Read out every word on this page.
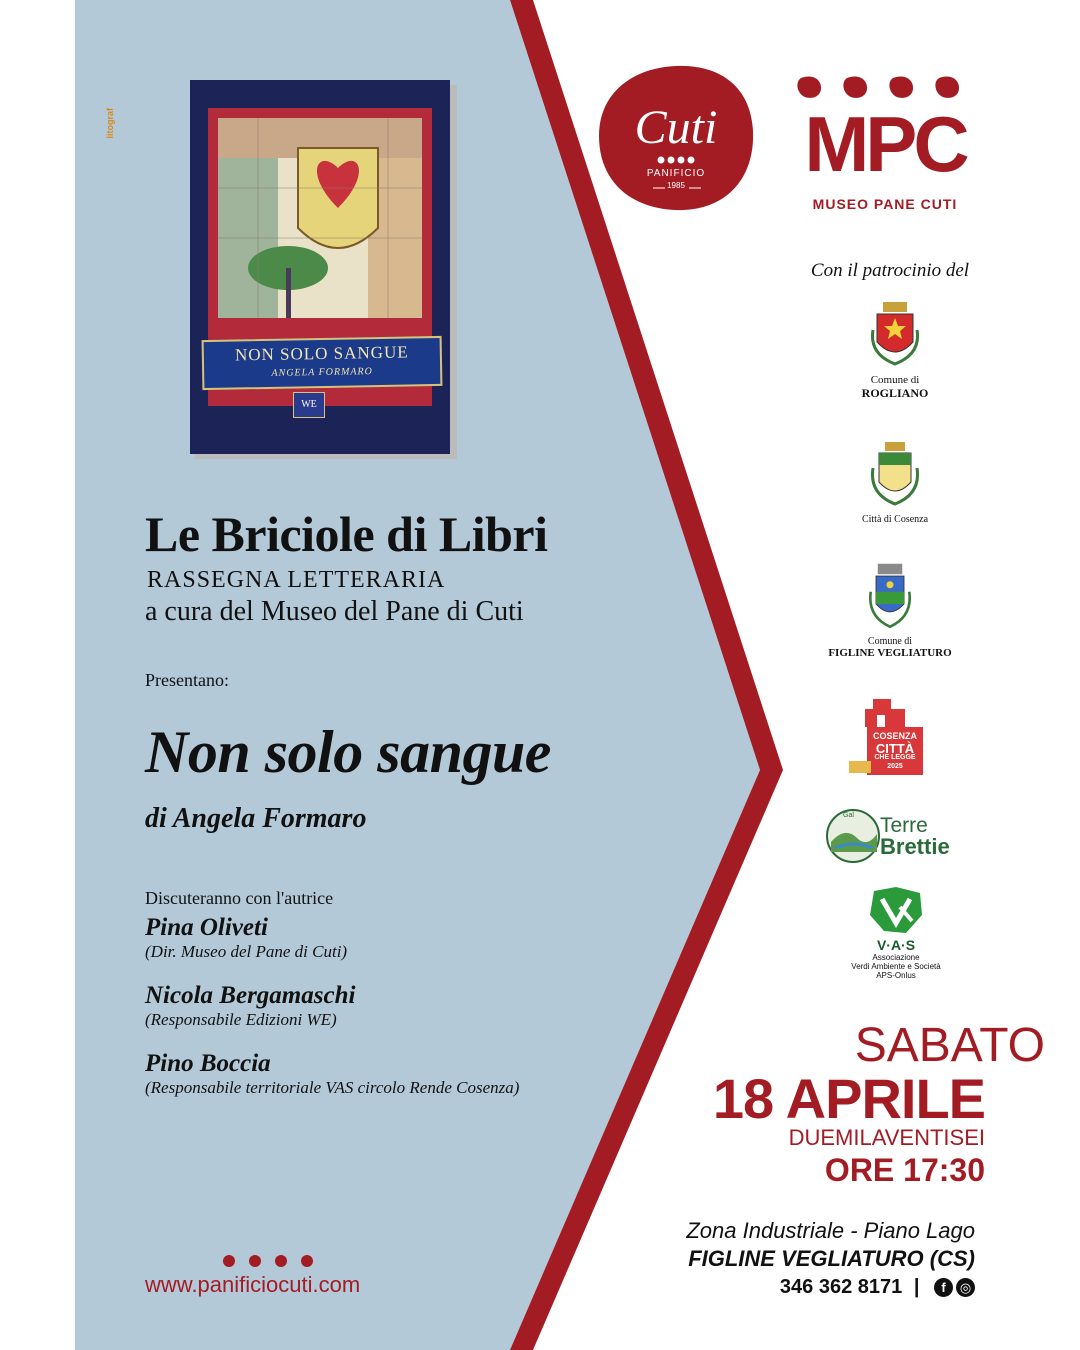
litograf
NON SOLO SANGUE
ANGELA FORMARO
WE
Le Briciole di Libri
RASSEGNA LETTERARIA
a cura del Museo del Pane di Cuti
Presentano:
Non solo sangue
di Angela Formaro
Discuteranno con l'autrice
Pina Oliveti
(Dir. Museo del Pane di Cuti)
Nicola Bergamaschi
(Responsabile Edizioni WE)
Pino Boccia
(Responsabile territoriale VAS circolo Rende Cosenza)
www.panificiocuti.com
Cuti
PANIFICIO
1985	MPC
MUSEO PANE CUTI
Con il patrocinio del
Comune di
ROGLIANO
Città di Cosenza
Comune di
FIGLINE VEGLIATURO
COSENZA
CITTÀ
CHE LEGGE
2025
Gal Terre
Brettie
V·A·S
Associazione
Verdi Ambiente e Società
APS-Onlus
SABATO
18 APRILE
DUEMILAVENTISEI
ORE 17:30
Zona Industriale - Piano Lago
FIGLINE VEGLIATURO (CS)
346 362 8171 | f ◎
